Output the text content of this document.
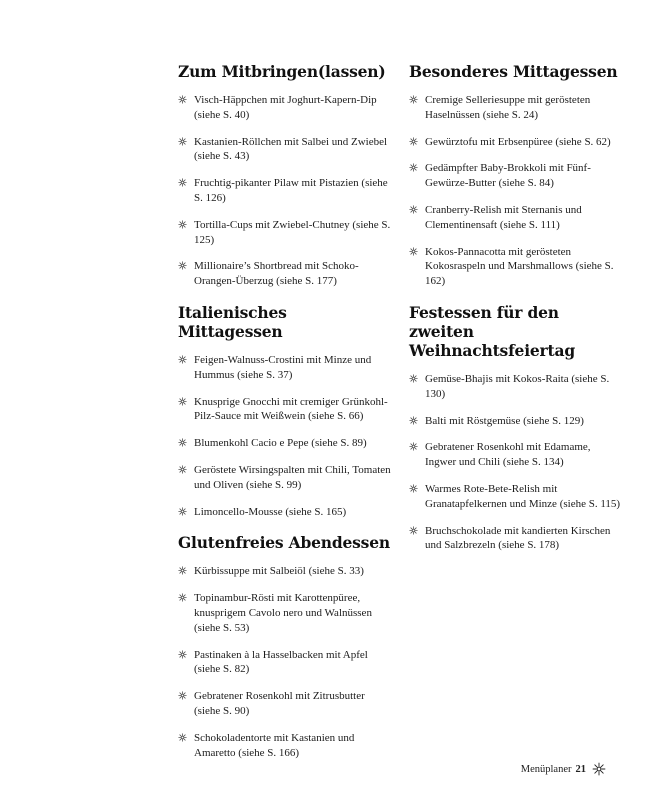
Zum Mitbringen(lassen)
Visch-Häppchen mit Joghurt-Kapern-Dip (siehe S. 40)
Kastanien-Röllchen mit Salbei und Zwiebel (siehe S. 43)
Fruchtig-pikanter Pilaw mit Pistazien (siehe S. 126)
Tortilla-Cups mit Zwiebel-Chutney (siehe S. 125)
Millionaire’s Shortbread mit Schoko-Orangen-Überzug (siehe S. 177)
Italienisches Mittagessen
Feigen-Walnuss-Crostini mit Minze und Hummus (siehe S. 37)
Knusprige Gnocchi mit cremiger Grünkohl-Pilz-Sauce mit Weißwein (siehe S. 66)
Blumenkohl Cacio e Pepe (siehe S. 89)
Geröstete Wirsingspalten mit Chili, Tomaten und Oliven (siehe S. 99)
Limoncello-Mousse (siehe S. 165)
Glutenfreies Abendessen
Kürbissuppe mit Salbeiöl (siehe S. 33)
Topinambur-Rösti mit Karottenpüree, knusprigem Cavolo nero und Walnüssen (siehe S. 53)
Pastinaken à la Hasselbacken mit Apfel (siehe S. 82)
Gebratener Rosenkohl mit Zitrusbutter (siehe S. 90)
Schokoladentorte mit Kastanien und Amaretto (siehe S. 166)
Besonderes Mittagessen
Cremige Selleriesuppe mit gerösteten Haselnüssen (siehe S. 24)
Gewürztofu mit Erbsenpüree (siehe S. 62)
Gedämpfter Baby-Brokkoli mit Fünf-Gewürze-Butter (siehe S. 84)
Cranberry-Relish mit Sternanis und Clementinensaft (siehe S. 111)
Kokos-Pannacotta mit gerösteten Kokosraspeln und Marshmallows (siehe S. 162)
Festessen für den zweiten Weihnachtsfeiertag
Gemüse-Bhajis mit Kokos-Raita (siehe S. 130)
Balti mit Röstgemüse (siehe S. 129)
Gebratener Rosenkohl mit Edamame, Ingwer und Chili (siehe S. 134)
Warmes Rote-Bete-Relish mit Granatapfelkernen und Minze (siehe S. 115)
Bruchschokolade mit kandierten Kirschen und Salzbrezeln (siehe S. 178)
Menüplaner 21
